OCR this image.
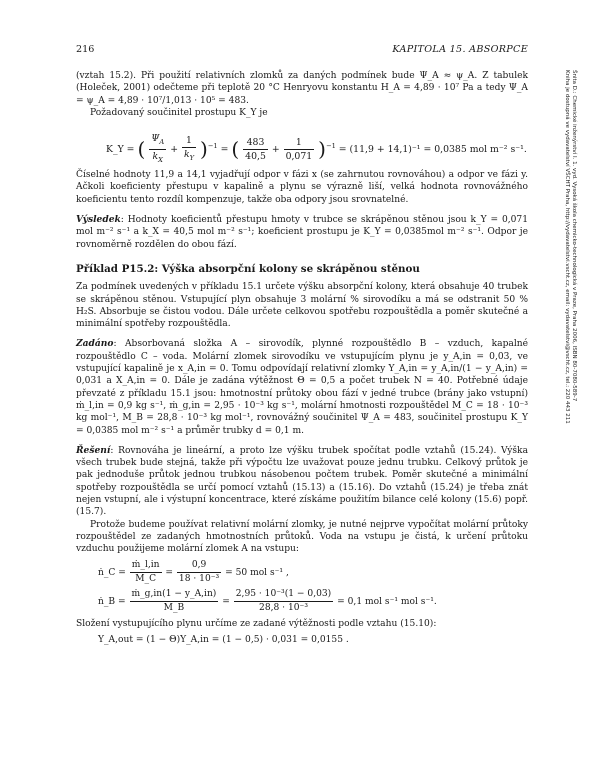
216	KAPITOLA 15. ABSORPCE

(vztah 15.2). Při použití relativních zlomků za daných podmínek bude Ψ_A ≈ ψ_A. Z tabulek (Holeček, 2001) odečteme při teplotě 20 °C Henryovu konstantu H_A = 4,89 · 10⁷ Pa a tedy Ψ_A = ψ_A = 4,89 · 10⁷/1,013 · 10⁵ = 483.

Požadovaný součinitel prostupu K_Y je

K_Y = ( $\frac{\Psi_A}{k_X} + \frac{1}{k_Y} )^{-1}$ = ( $\frac{483}{40,5} + \frac{1}{0,071} )^{-1} = (11,9 + 14,1)^{-1} = 0,0385$ mol m⁻² s⁻¹.

Číselné hodnoty 11,9 a 14,1 vyjadřují odpor v fázi x (se zahrnutou rovnováhou) a odpor ve fázi y. Ačkoli koeficienty přestupu v kapalině a plynu se výrazně liší, velká hodnota rovnovážného koeficientu tento rozdíl kompenzuje, takže oba odpory jsou srovnatelné.

Výsledek: Hodnoty koeficientů přestupu hmoty v trubce se skrápěnou stěnou jsou k_Y = 0,071 mol m⁻² s⁻¹ a k_X = 40,5 mol m⁻² s⁻¹; koeficient prostupu je K_Y = 0,0385mol m⁻² s⁻¹. Odpor je rovnoměrně rozdělen do obou fází.

Příklad P15.2: Výška absorpční kolony se skrápěnou stěnou

Za podmínek uvedených v příkladu 15.1 určete výšku absorpční kolony, která obsahuje 40 trubek se skrápěnou stěnou. Vstupující plyn obsahuje 3 molární % sirovodíku a má se odstranit 50 % H₂S. Absorbuje se čistou vodou. Dále určete celkovou spotřebu rozpouštědla a poměr skutečné a minimální spotřeby rozpouštědla.

Zadáno: Absorbovaná složka A – sirovodík, plynné rozpouštědlo B – vzduch, kapalné rozpouštědlo C – voda. Molární zlomek sirovodíku ve vstupujícím plynu je y_A,in = 0,03, ve vstupující kapalině je x_A,in = 0. Tomu odpovídají relativní zlomky Y_A,in = y_A,in/(1 − y_A,in) = 0,031 a X_A,in = 0. Dále je zadána výtěžnost Θ = 0,5 a počet trubek N = 40. Potřebné údaje převzaté z příkladu 15.1 jsou: hmotnostní průtoky obou fází v jedné trubce (brány jako vstupní) ṁ_l,in = 0,9 kg s⁻¹, ṁ_g,in = 2,95 · 10⁻³ kg s⁻¹, molární hmotnosti rozpouštědel M_C = 18 · 10⁻³ kg mol⁻¹, M_B = 28,8 · 10⁻³ kg mol⁻¹, rovnovážný součinitel Ψ_A = 483, součinitel prostupu K_Y = 0,0385 mol m⁻² s⁻¹ a průměr trubky d = 0,1 m.

Řešení: Rovnováha je lineární, a proto lze výšku trubek spočítat podle vztahů (15.24). Výška všech trubek bude stejná, takže při výpočtu lze uvažovat pouze jednu trubku. Celkový průtok je pak jednoduše průtok jednou trubkou násobenou počtem trubek. Poměr skutečné a minimální spotřeby rozpouštědla se určí pomocí vztahů (15.13) a (15.16). Do vztahů (15.24) je třeba znát nejen vstupní, ale i výstupní koncentrace, které získáme použitím bilance celé kolony (15.6) popř. (15.7).

Protože budeme používat relativní molární zlomky, je nutné nejprve vypočítat molární průtoky rozpouštědel ze zadaných hmotnostních průtoků. Voda na vstupu je čistá, k určení průtoku vzduchu použijeme molární zlomek A na vstupu:

ṅ_C = $\frac{\text{ṁ\_l,in}}{M\_C} = \frac{0,9}{\text{18 · 10⁻³}} = 50$ mol s⁻¹ ,
ṅ_B = $\frac{\text{ṁ\_g,in(1 − y\_A,in)}}{M\_B} = \frac{\text{2,95 · 10⁻³(1 − 0,03)}}{\text{28,8 · 10⁻³}} = 0,1$ mol s⁻¹ mol s⁻¹.

Složení vystupujícího plynu určíme ze zadané výtěžnosti podle vztahu (15.10):

Y_A,out = (1 − Θ)Y_A,in = (1 − 0,5) · 0,031 = 0,0155 .
Šnita D.: Chemické inženýrství I. 1. vyd. Vysoká škola chemicko-technologická v Praze, Praha 2006, ISBN 80-7080-589-7
Kniha je dostupná ve vydavatelství VŠCHT Praha, http://vydavatelstvi.vscht.cz, email: vydavatelstvi@vscht.cz, tel.: 220 443 211
